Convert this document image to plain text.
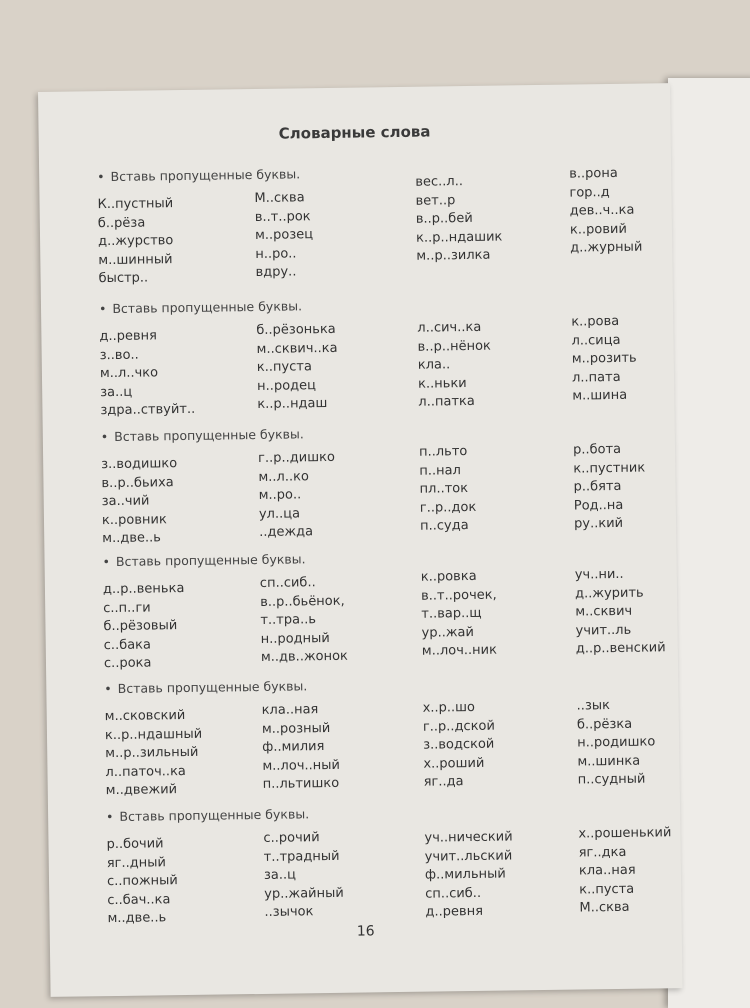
Словарные слова
• Вставь пропущенные буквы.
К..пустный
б..рёза
д..журство
м..шинный
быстр..
М..сква
в..т..рок
м..розец
н..ро..
вдру..
вес..л..
вет..р
в..р..бей
к..р..ндашик
м..р..зилка
в..рона
гор..д
дев..ч..ка
к..ровий
д..журный
• Вставь пропущенные буквы.
д..ревня
з..во..
м..л..чко
за..ц
здра..ствуйт..
б..рёзонька
м..сквич..ка
к..пуста
н..родец
к..р..ндаш
л..сич..ка
в..р..нёнок
кла..
к..ньки
л..патка
к..рова
л..сица
м..розить
л..пата
м..шина
• Вставь пропущенные буквы.
з..водишко
в..р..бьиха
за..чий
к..ровник
м..две..ь
г..р..дишко
м..л..ко
м..ро..
ул..ца
..дежда
п..льто
п..нал
пл..ток
г..р..док
п..суда
р..бота
к..пустник
р..бята
Род..на
ру..кий
• Вставь пропущенные буквы.
д..р..венька
с..п..ги
б..рёзовый
с..бака
с..рока
сп..сиб..
в..р..бьёнок,
т..тра..ь
н..родный
м..дв..жонок
к..ровка
в..т..рочек,
т..вар..щ
ур..жай
м..лоч..ник
уч..ни..
д..журить
м..сквич
учит..ль
д..р..венский
• Вставь пропущенные буквы.
м..сковский
к..р..ндашный
м..р..зильный
л..паточ..ка
м..двежий
кла..ная
м..розный
ф..милия
м..лоч..ный
п..льтишко
х..р..шо
г..р..дской
з..водской
х..роший
яг..да
..зык
б..рёзка
н..родишко
м..шинка
п..судный
• Вставь пропущенные буквы.
р..бочий
яг..дный
с..пожный
с..бач..ка
м..две..ь
с..рочий
т..традный
за..ц
ур..жайный
..зычок
уч..нический
учит..льский
ф..мильный
сп..сиб..
д..ревня
х..рошенький
яг..дка
кла..ная
к..пуста
М..сква
16
